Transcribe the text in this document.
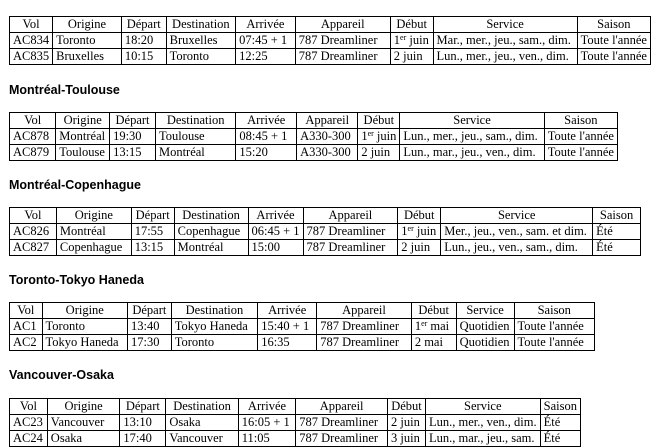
Vol	Origine	Départ	Destination	Arrivée	Appareil	Début	Service	Saison
AC834	Toronto	18:20	Bruxelles	07:45 + 1	787 Dreamliner	1er juin	Mar., mer., jeu., sam., dim.	Toute l'année
AC835	Bruxelles	10:15	Toronto	12:25	787 Dreamliner	2 juin	Lun., mer., jeu., ven., dim.	Toute l'année
Montréal-Toulouse
Vol	Origine	Départ	Destination	Arrivée	Appareil	Début	Service	Saison
AC878	Montréal	19:30	Toulouse	08:45 + 1	A330-300	1er juin	Lun., mer., jeu., sam., dim.	Toute l'année
AC879	Toulouse	13:15	Montréal	15:20	A330-300	2 juin	Lun., mar., jeu., ven., dim.	Toute l'année
Montréal-Copenhague
Vol	Origine	Départ	Destination	Arrivée	Appareil	Début	Service	Saison
AC826	Montréal	17:55	Copenhague	06:45 + 1	787 Dreamliner	1er juin	Mer., jeu., ven., sam. et dim.	Été
AC827	Copenhague	13:15	Montréal	15:00	787 Dreamliner	2 juin	Lun., jeu., ven., sam., dim.	Été
Toronto-Tokyo Haneda
Vol	Origine	Départ	Destination	Arrivée	Appareil	Début	Service	Saison
AC1	Toronto	13:40	Tokyo Haneda	15:40 + 1	787 Dreamliner	1er mai	Quotidien	Toute l'année
AC2	Tokyo Haneda	17:30	Toronto	16:35	787 Dreamliner	2 mai	Quotidien	Toute l'année
Vancouver-Osaka
Vol	Origine	Départ	Destination	Arrivée	Appareil	Début	Service	Saison
AC23	Vancouver	13:10	Osaka	16:05 + 1	787 Dreamliner	2 juin	Lun., mer., ven., dim.	Été
AC24	Osaka	17:40	Vancouver	11:05	787 Dreamliner	3 juin	Lun., mar., jeu., sam.	Été
